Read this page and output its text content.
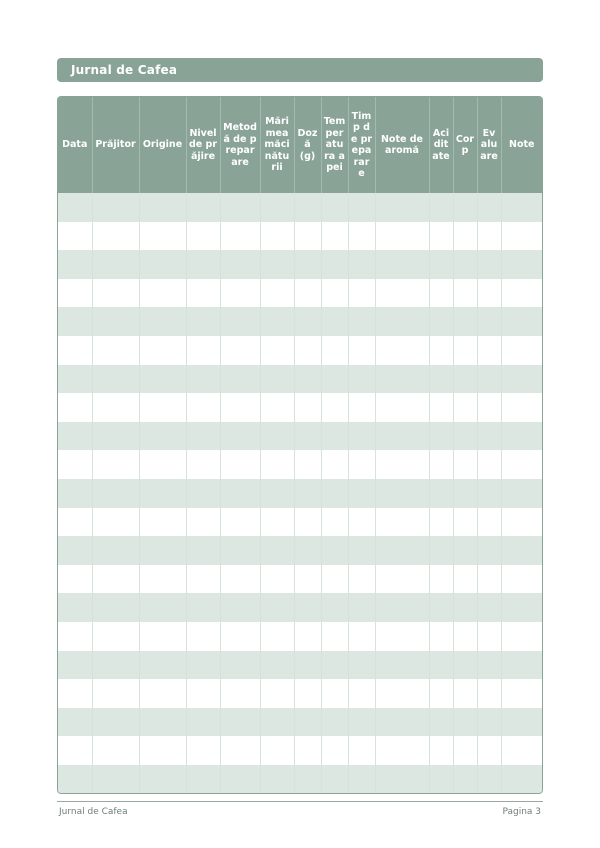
Jurnal de Cafea
Data	Prăjitor	Origine	Nivel de prăjire	Metodă de preparare	Mărimea măcinăturii	Doză (g)	Temperatura apei	Timp de preparare	Note de aromă	Aciditate	Corp	Evaluare	Note

Jurnal de Cafea	Pagina 3
